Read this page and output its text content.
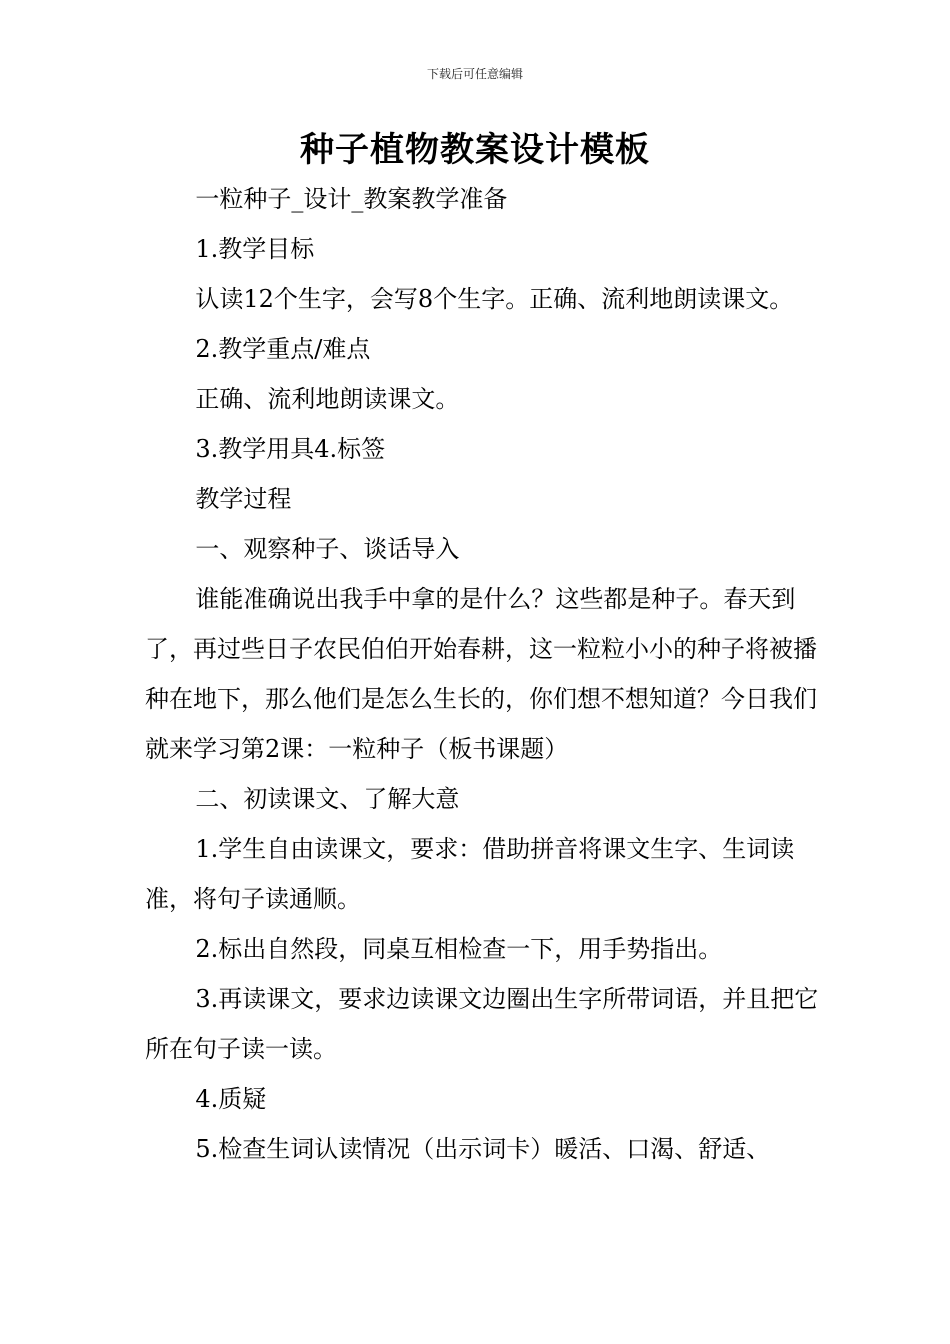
下载后可任意编辑
种子植物教案设计模板

一粒种子_设计_教案教学准备

1.教学目标

认读12个生字，会写8个生字。正确、流利地朗读课文。

2.教学重点/难点

正确、流利地朗读课文。

3.教学用具4.标签

教学过程

一、观察种子、谈话导入

谁能准确说出我手中拿的是什么？这些都是种子。春天到了，再过些日子农民伯伯开始春耕，这一粒粒小小的种子将被播种在地下，那么他们是怎么生长的，你们想不想知道？今日我们就来学习第2课：一粒种子（板书课题）

二、初读课文、了解大意

1.学生自由读课文，要求：借助拼音将课文生字、生词读准，将句子读通顺。

2.标出自然段，同桌互相检查一下，用手势指出。

3.再读课文，要求边读课文边圈出生字所带词语，并且把它所在句子读一读。

4.质疑

5.检查生词认读情况（出示词卡）暖活、口渴、舒适、
